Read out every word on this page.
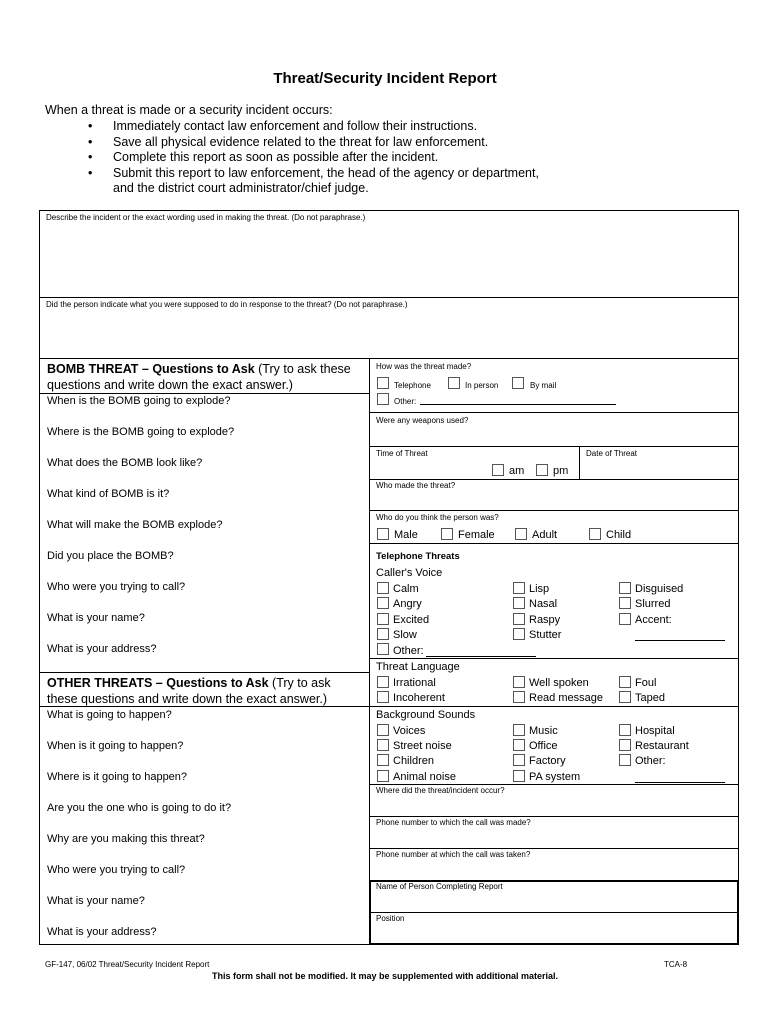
Threat/Security Incident Report
When a threat is made or a security incident occurs:
• Immediately contact law enforcement and follow their instructions.
• Save all physical evidence related to the threat for law enforcement.
• Complete this report as soon as possible after the incident.
• Submit this report to law enforcement, the head of the agency or department,
and the district court administrator/chief judge.
Describe the incident or the exact wording used in making the threat. (Do not paraphrase.)
Did the person indicate what you were supposed to do in response to the threat? (Do not paraphrase.)
BOMB THREAT – Questions to Ask (Try to ask these
questions and write down the exact answer.)
When is the BOMB going to explode?
Where is the BOMB going to explode?
What does the BOMB look like?
What kind of BOMB is it?
What will make the BOMB explode?
Did you place the BOMB?
Who were you trying to call?
What is your name?
What is your address?
OTHER THREATS – Questions to Ask (Try to ask
these questions and write down the exact answer.)
What is going to happen?
When is it going to happen?
Where is it going to happen?
Are you the one who is going to do it?
Why are you making this threat?
Who were you trying to call?
What is your name?
What is your address?
How was the threat made?
Telephone	In person	By mail
Other:
Were any weapons used?
Time of Threat	Date of Threat
am	pm
Who made the threat?
Who do you think the person was?
Male	Female	Adult	Child
Telephone Threats
Caller's Voice
Calm	Lisp	Disguised
Angry	Nasal	Slurred
Excited	Raspy	Accent:
Slow	Stutter
Other:
Threat Language
Irrational	Well spoken	Foul
Incoherent	Read message	Taped
Background Sounds
Voices	Music	Hospital
Street noise	Office	Restaurant
Children	Factory	Other:
Animal noise	PA system
Where did the threat/incident occur?
Phone number to which the call was made?
Phone number at which the call was taken?
Name of Person Completing Report
Position
GF-147, 06/02 Threat/Security Incident Report	TCA-8
This form shall not be modified. It may be supplemented with additional material.
